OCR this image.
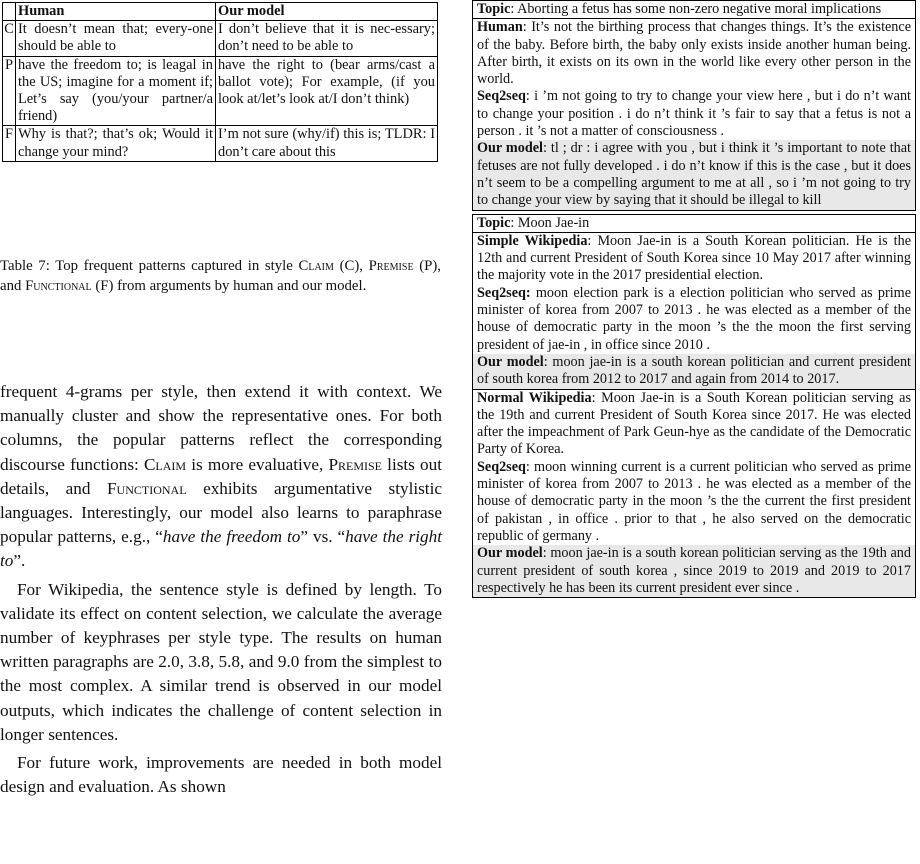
	Human	Our model
C	It doesn’t mean that; every-one should be able to	I don’t believe that it is nec-essary; don’t need to be able to
P	have the freedom to; is leagal in the US; imagine for a moment if; Let’s say (you/your partner/a friend)	have the right to (bear arms/cast a ballot vote); For example, (if you look at/let’s look at/I don’t think)
F	Why is that?; that’s ok; Would it change your mind?	I’m not sure (why/if) this is; TLDR: I don’t care about this
Table 7: Top frequent patterns captured in style Claim (C), Premise (P), and Functional (F) from arguments by human and our model.

frequent 4-grams per style, then extend it with context. We manually cluster and show the representative ones. For both columns, the popular patterns reflect the corresponding discourse functions: Claim is more evaluative, Premise lists out details, and Functional exhibits argumentative stylistic languages. Interestingly, our model also learns to paraphrase popular patterns, e.g., “have the freedom to” vs. “have the right to”.

For Wikipedia, the sentence style is defined by length. To validate its effect on content selection, we calculate the average number of keyphrases per style type. The results on human written paragraphs are 2.0, 3.8, 5.8, and 9.0 from the simplest to the most complex. A similar trend is observed in our model outputs, which indicates the challenge of content selection in longer sentences.

For future work, improvements are needed in both model design and evaluation. As shown

Topic: Aborting a fetus has some non-zero negative moral implications
Human: It’s not the birthing process that changes things. It’s the existence of the baby. Before birth, the baby only exists inside another human being. After birth, it exists on its own in the world like every other person in the world.
Seq2seq: i ’m not going to try to change your view here , but i do n’t want to change your position . i do n’t think it ’s fair to say that a fetus is not a person . it ’s not a matter of consciousness .
Our model: tl ; dr : i agree with you , but i think it ’s important to note that fetuses are not fully developed . i do n’t know if this is the case , but it does n’t seem to be a compelling argument to me at all , so i ’m not going to try to change your view by saying that it should be illegal to kill
Topic: Moon Jae-in
Simple Wikipedia: Moon Jae-in is a South Korean politician. He is the 12th and current President of South Korea since 10 May 2017 after winning the majority vote in the 2017 presidential election.
Seq2seq: moon election park is a election politician who served as prime minister of korea from 2007 to 2013 . he was elected as a member of the house of democratic party in the moon ’s the the moon the first serving president of jae-in , in office since 2010 .
Our model: moon jae-in is a south korean politician and current president of south korea from 2012 to 2017 and again from 2014 to 2017.
Normal Wikipedia: Moon Jae-in is a South Korean politician serving as the 19th and current President of South Korea since 2017. He was elected after the impeachment of Park Geun-hye as the candidate of the Democratic Party of Korea.
Seq2seq: moon winning current is a current politician who served as prime minister of korea from 2007 to 2013 . he was elected as a member of the house of democratic party in the moon ’s the the current the first president of pakistan , in office . prior to that , he also served on the democratic republic of germany .
Our model: moon jae-in is a south korean politician serving as the 19th and current president of south korea , since 2019 to 2019 and 2019 to 2017 respectively he has been its current president ever since .
